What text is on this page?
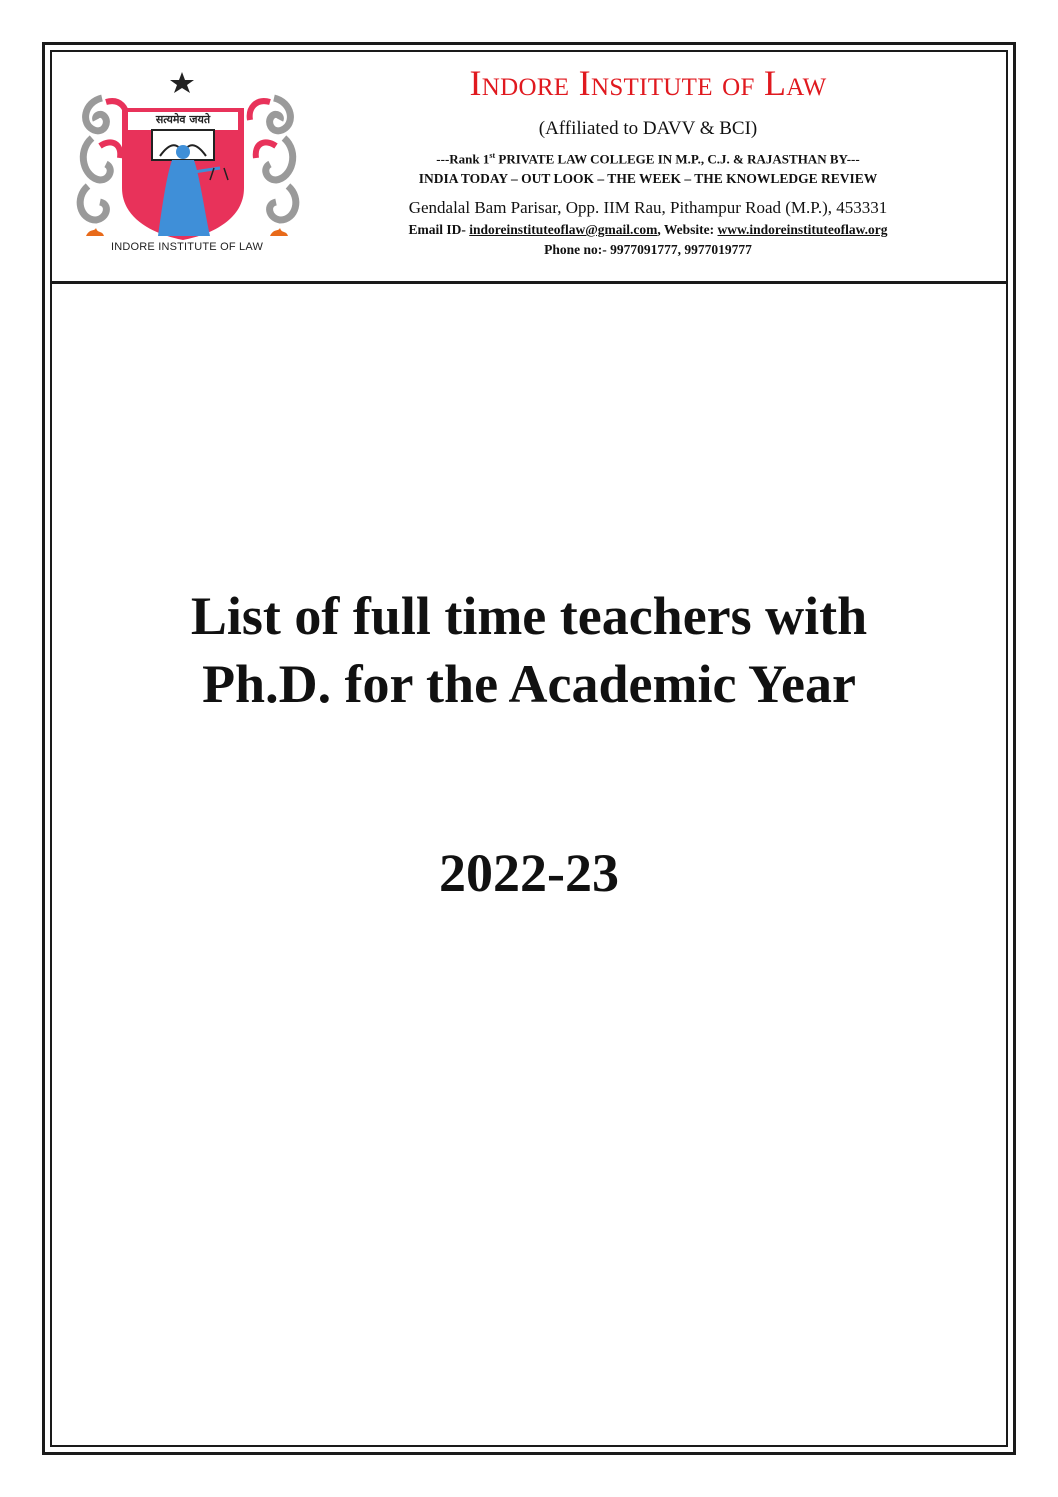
सत्यमेव जयते
INDORE INSTITUTE OF LAW
Indore Institute of Law
(Affiliated to DAVV & BCI)
---Rank 1st PRIVATE LAW COLLEGE IN M.P., C.J. & RAJASTHAN BY---
INDIA TODAY – OUT LOOK – THE WEEK – THE KNOWLEDGE REVIEW
Gendalal Bam Parisar, Opp. IIM Rau, Pithampur Road (M.P.), 453331
Email ID- indoreinstituteoflaw@gmail.com, Website: www.indoreinstituteoflaw.org
Phone no:- 9977091777, 9977019777
List of full time teachers with
Ph.D. for the Academic Year
2022-23
